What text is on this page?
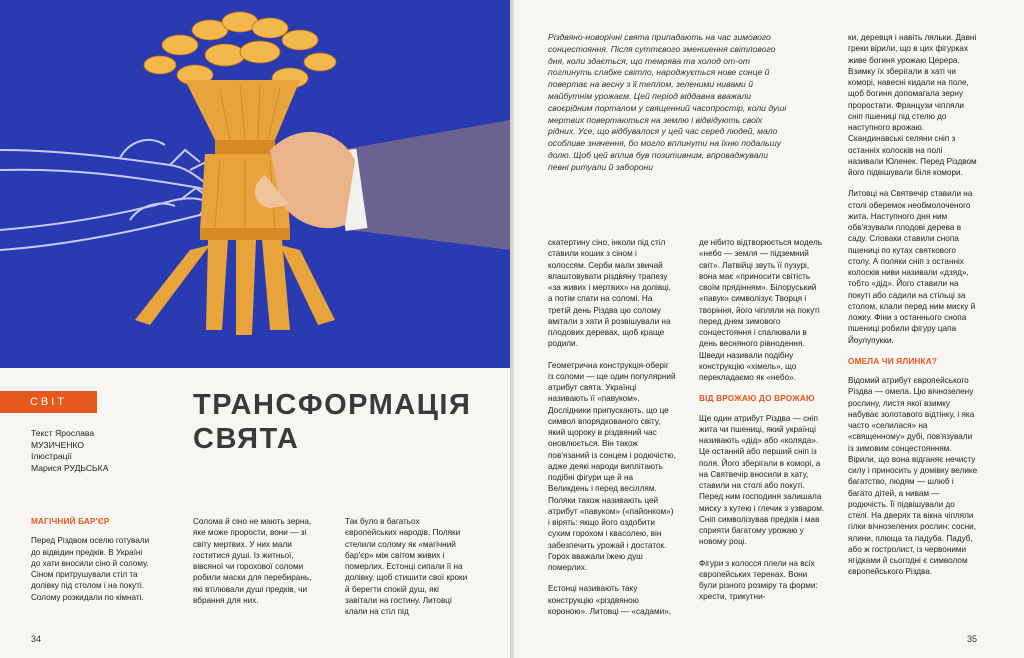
СВІТ
Текст Ярослава
МУЗИЧЕНКО
Ілюстрації
Марися РУДЬСЬКА
ТРАНСФОРМАЦІЯ
СВЯТА

МАГІЧНИЙ БАР'ЄР

Перед Різдвом оселю готували до відвідин предків. В Україні до хати вносили сіно й солому. Сіном притрушували стіл та долівку під столом і на покуті. Солому розкидали по кімнаті.

Солома й сіно не мають зерна, яке може прорости, вони — зі світу мертвих. У них мали гоститися душі. Із житньої, вівсяної чи горохової соломи робили маски для перебирань, які втілювали душі предків, чи вбрання для них.

Так було в багатьох європейських народів. Поляки стелили солому як «магічний бар'єр» між світом живих і померлих. Естонці сипали її на долівку, щоб стишити свої кроки й берегти спокій душ, які завітали на гостину. Литовці клали на стіл під

34	35
Різдвяно-новорічні свята припадають на час зимового сонцестояння. Після суттєвого зменшення світлового дня, коли здається, що темрява та холод от-от поглинуть слабке світло, народжується нове сонце й повертає на весну з її теплом, зеленими нивами й майбутнім урожаєм. Цей період віддавна вважали своєрідним порталом у священний часопростір, коли душі мертвих повертаються на землю і відвідують своїх рідних. Усе, що відбувалося у цей час серед людей, мало особливе значення, бо могло вплинути на їхню подальшу долю. Щоб цей вплив був позитивним, впроваджували певні ритуали й заборони

скатертину сіно, інколи під стіл ставили кошик з сіном і колоссям. Серби мали звичай влаштовувати різдвяну трапезу «за живих і мертвих» на долівці, а потім спати на соломі. На третій день Різдва цю солому вмітали з хати й розвішували на плодових деревах, щоб краще родили.

Геометрична конструкція-оберіг із соломи — ще один популярний атрибут свята. Українці називають її «павуком». Дослідники припускають, що це символ впорядкованого світу, який щороку в різдвяний час оновлюється. Він також пов'язаний із сонцем і родючістю, адже деякі народи виплітають подібні фігури ще й на Великдень і перед весіллям. Поляки також називають цей атрибут «павуком» («пайонком») і вірять: якщо його оздобити сухим горохом і квасолею, він забезпечить урожай і достаток. Горох вважали їжею душ померлих.

Естонці називають таку конструкцію «різдвяною короною». Литовці — «садами»,

де нібито відтворюється модель «небо — земля — підземний світ». Латвійці звуть її пузурі, вона має «приносити світість своїм прядінням». Білоруський «павук» символізує Творця і творіння, його чіпляли на покуті перед днем зимового сонцестояння і спалювали в день весняного рівнодення. Шведи називали подібну конструкцію «хімель», що перекладаємо як «небо».

ВІД ВРОЖАЮ ДО ВРОЖАЮ

Ще один атрибут Різдва — сніп жита чи пшениці, який українці називають «дід» або «коляда». Це останній або перший сніп із поля. Його зберігали в коморі, а на Святвечір вносили в хату, ставили на столі або покуті. Перед ним господиня залишала миску з кутею і глечик з узваром. Сніп символізував предків і мав сприяти багатому урожаю у новому році.

Фігури з колосся плели на всіх європейських теренах. Вони були різного розміру та форми: хрести, трикутни-

ки, деревця і навіть ляльки. Давні греки вірили, що в цих фігурках живе богиня урожаю Церера. Взимку їх зберігали в хаті чи коморі, навесні кидали на поле, щоб богиня допомагала зерну проростати. Французи чіпляли сніп пшениці під стелю до наступного врожаю. Скандинавські селяни сніп з останніх колосків на полі називали Юленек. Перед Різдвом його підвішували біля комори.

Литовці на Святвечір ставили на столі оберемок необмолоченого жита. Наступного дня ним обв'язували плодові дерева в саду. Словаки ставили снопа пшениці по кутах святкового столу. А поляки сніп з останніх колосків ниви називали «дзяд», тобто «дід». Його ставили на покуті або садили на стільці за столом, клали перед ним миску й ложку. Фіни з останнього снопа пшениці робили фігуру цапа Йоулупукки.

ОМЕЛА ЧИ ЯЛИНКА?

Відомий атрибут європейського Різдва — омела. Цю вічнозелену рослину, листя якої взимку набуває золотавого відтінку, і яка часто «селилася» на «священному» дубі, пов'язували із зимовим сонцестоянням. Вірили, що вона відганяє нечисту силу і приносить у домівку велике багатство, людям — шлюб і багато дітей, а нивам — родючість. Її підвішували до стелі. На дверях та вікна чіпляли гілки вічнозелених рослин: сосни, ялини, плюща та падуба. Падуб, або ж гостролист, із червоними ягідками й сьогодні є символом європейського Різдва.
